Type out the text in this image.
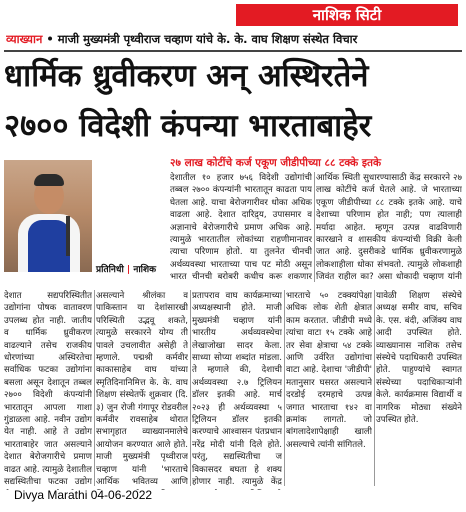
नाशिक सिटी
व्याख्यान • माजी मुख्यमंत्री पृथ्वीराज चव्हाण यांचे के. के. वाघ शिक्षण संस्थेत विचार
धार्मिक ध्रुवीकरण अन् अस्थिरतेने
२७०० विदेशी कंपन्या भारताबाहेर
२७ लाख कोटींचे कर्ज एकूण जीडीपीच्या ८८ टक्के इतके
प्रतिनिधी | नाशिक
देशातील १० हजार ७५६ विदेशी उद्योगांची तब्बल २७०० कंपन्यांनी भारतातून काढता पाय घेतला आहे. याचा बेरोजगारीवर धोका अधिक वाढला आहे. देशात दारिद्र्य, उपासमार व अज्ञानाचे बेरोजगारीचे प्रमाण अधिक आहे. त्यामुळे भारतातील लोकांच्या राहणीमानावर त्याचा परिणाम होतो. या तुलनेत चीनची अर्थव्यवस्था भारताच्या पाच पट मोठी असून भारत चीनची बरोबरी कधीच करू शकणार
आर्थिक स्थिती सुधारण्यासाठी केंद्र सरकारने २७ लाख कोटींचे कर्ज घेतले आहे. जे भारताच्या एकूण जीडीपीच्या ८८ टक्के इतके आहे. याचे देशाच्या परिणाम होत नाही; पण त्यालाही मर्यादा आहेत. म्हणून उत्पन्न वाढविणारी कारखाने व शासकीय कंपन्यांची विक्री केली जात आहे. दुसरीकडे धार्मिक ध्रुवीकरणामुळे लोकशाहीला धोका संभवतो. त्यामुळे लोकशाही जिवंत राहील का? असा धोकादी चव्हाण यांनी
देशात सद्यपरिस्थितीत उद्योगांना पोषक वातावरण उपलब्ध होत नाही. जातीय व धार्मिक ध्रुवीकरण वाढल्याने तसेच राजकीय धोरणांच्या अस्थिरतेचा सर्वाधिक फटका उद्योगांना बसला असून देशातून तब्बल २७०० विदेशी कंपन्यांनी भारतातून आपला गाशा गुंडाळला आहे. नवीन उद्योग येत नाही. आहे ते उद्योग भारताबाहेर जात असल्याने देशात बेरोजगारीचे प्रमाण वाढत आहे. त्यामुळे देशातील सद्यस्थितीचा फटका उद्योग
असल्याने श्रीलंका व पाकिस्तान या देशांसारखी परिस्थिती उद्भवू शकते, त्यामुळे सरकारने योग्य ती पावले उचलावीत असेही ते म्हणाले. पद्मश्री कर्मवीर काकासाहेब वाघ यांच्या स्मृतिदिनानिमित्त के. के. वाघ शिक्षण संस्थेतर्फे शुक्रवार (दि. ३) जुन रोजी गंगापूर रोडवरील कर्मवीर रावसाहेब थोरात सभागृहात व्याख्यानमालेचे आयोजन करण्यात आले होते. माजी मुख्यमंत्री पृथ्वीराज चव्हाण यांनी 'भारताचे आर्थिक भवितव्य आणि
प्रतापराव वाघ कार्यक्रमाच्या अध्यक्षस्थानी होते. माजी मुख्यमंत्री चव्हाण यांनी भारतीय अर्थव्यवस्थेचा लेखाजोखा सादर केला. साध्या सोप्या शब्दांत मांडला. ते म्हणाले की, देशाची अर्थव्यवस्था २.७ ट्रिलियन डॉलर इतकी आहे. मार्च २०२३ ही अर्थव्यवस्था ५ ट्रिलियन डॉलर इतकी करण्याचे आश्वासन पंतप्रधान नरेंद्र मोदी यांनी दिले होते. परंतु, सद्यस्थितीचा ज विकासदर बघता हे शक्य होणार नाही. त्यामुळे केंद्र
भारताचे ५० टक्क्यांपेक्षा अधिक लोक शेती क्षेत्रात काम करतात. जीडीपी मध्ये त्यांचा वाटा १५ टक्के आहे तर सेवा क्षेत्राचा ५४ टक्के आणि उर्वरित उद्योगांचा वाटा आहे. देशाचा 'जीडीपी' मतानुसार घसरत असल्याने दरडोई दरमहाचे उत्पन्न जगात भारताचा १४२ वा क्रमांक लागतो. जो बांगलादेशापेक्षाही खाली असल्याचे त्यांनी सांगितले.
यावेळी शिक्षण संस्थेचे अध्यक्ष समीर वाघ, सचिव के. एस. बंदी, अजिंक्य वाघ आदी उपस्थित होते. व्याख्यानास नाशिक तसेच संस्थेचे पदाधिकारी उपस्थित होते. पाहुण्यांचे स्वागत संस्थेच्या पदाधिकाऱ्यांनी केले. कार्यक्रमास विद्यार्थी व नागरिक मोठ्या संख्येने उपस्थित होते.
Divya Marathi 04-06-2022
